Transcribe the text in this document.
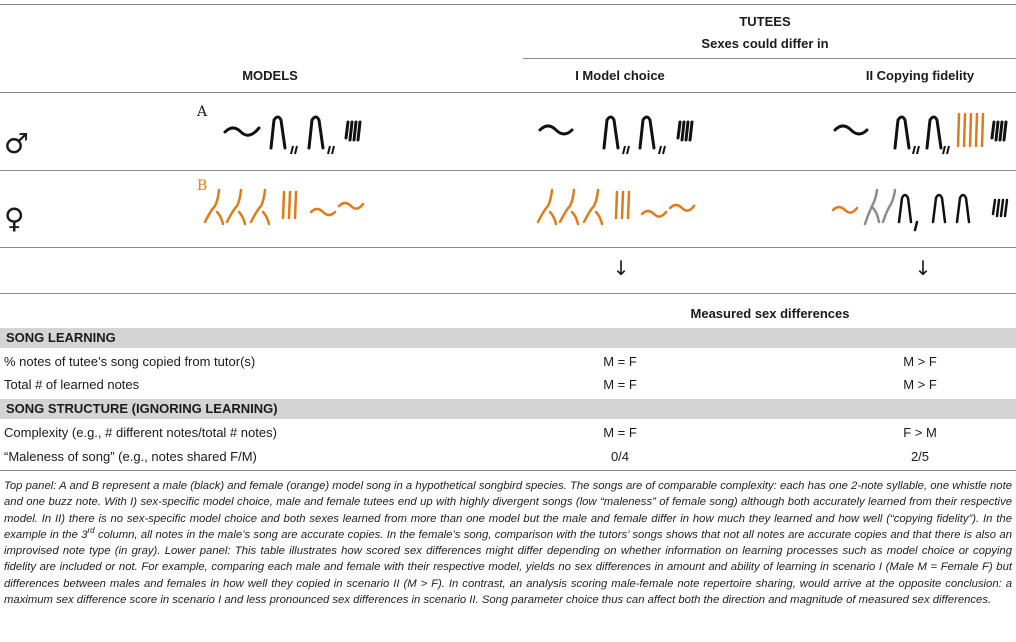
TUTEES
Sexes could differ in
MODELS	I Model choice	II Copying fidelity
♂
A
♀
B
↓	↓
Measured sex differences
SONG LEARNING
% notes of tutee’s song copied from tutor(s)	M = F	M > F
Total # of learned notes	M = F	M > F
SONG STRUCTURE (IGNORING LEARNING)
Complexity (e.g., # different notes/total # notes)	M = F	F > M
“Maleness of song” (e.g., notes shared F/M)	0/4	2/5
Top panel: A and B represent a male (black) and female (orange) model song in a hypothetical songbird species. The songs are of comparable complexity: each has one 2-note syllable, one whistle note and one buzz note. With I) sex-specific model choice, male and female tutees end up with highly divergent songs (low “maleness” of female song) although both accurately learned from their respective model. In II) there is no sex-specific model choice and both sexes learned from more than one model but the male and female differ in how much they learned and how well (“copying fidelity”). In the example in the 3rd column, all notes in the male’s song are accurate copies. In the female’s song, comparison with the tutors’ songs shows that not all notes are accurate copies and that there is also an improvised note type (in gray). Lower panel: This table illustrates how scored sex differences might differ depending on whether information on learning processes such as model choice or copying fidelity are included or not. For example, comparing each male and female with their respective model, yields no sex differences in amount and ability of learning in scenario I (Male M = Female F) but differences between males and females in how well they copied in scenario II (M > F). In contrast, an analysis scoring male-female note repertoire sharing, would arrive at the opposite conclusion: a maximum sex difference score in scenario I and less pronounced sex differences in scenario II. Song parameter choice thus can affect both the direction and magnitude of measured sex differences.
